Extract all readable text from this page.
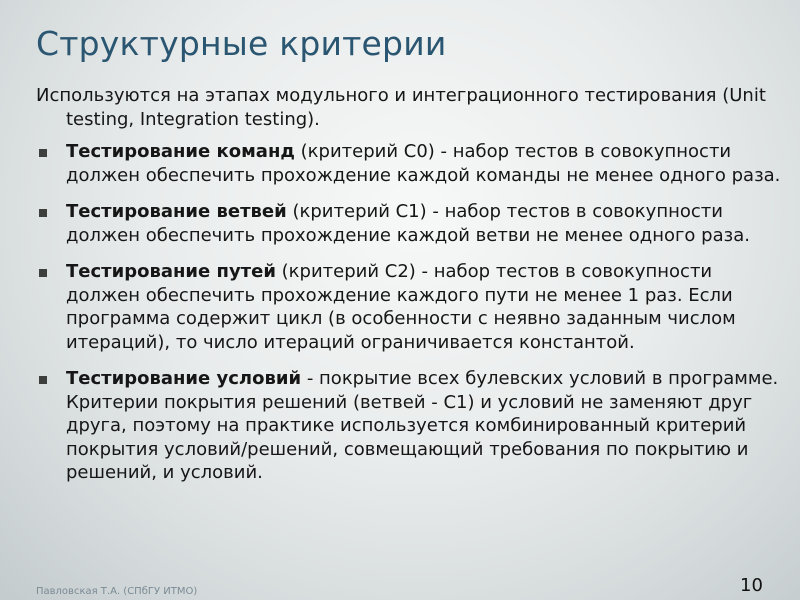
Структурные критерии

Используются на этапах модульного и интеграционного тестирования (Unit testing, Integration testing).

Тестирование команд (критерий C0) - набор тестов в совокупности должен обеспечить прохождение каждой команды не менее одного раза.
Тестирование ветвей (критерий C1) - набор тестов в совокупности должен обеспечить прохождение каждой ветви не менее одного раза.
Тестирование путей (критерий C2) - набор тестов в совокупности должен обеспечить прохождение каждого пути не менее 1 раз. Если программа содержит цикл (в особенности с неявно заданным числом итераций), то число итераций ограничивается константой.
Тестирование условий - покрытие всех булевских условий в программе. Критерии покрытия решений (ветвей - C1) и условий не заменяют друг друга, поэтому на практике используется комбинированный критерий покрытия условий/решений, совмещающий требования по покрытию и решений, и условий.
Павловская Т.А. (СПбГУ ИТМО)	10
